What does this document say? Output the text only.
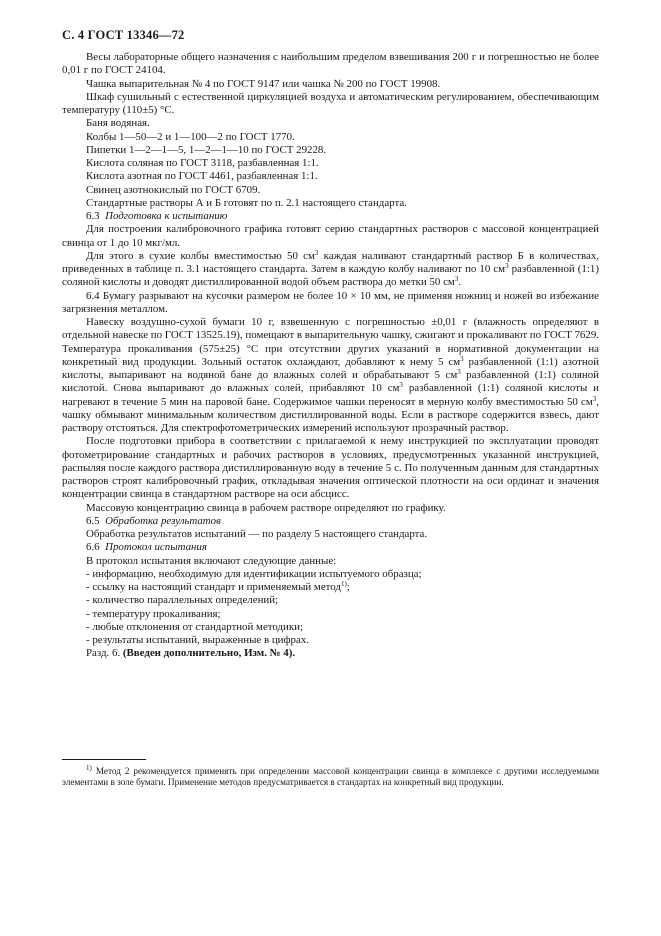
С. 4 ГОСТ 13346—72

Весы лабораторные общего назначения с наибольшим пределом взвешивания 200 г и погрешностью не более 0,01 г по ГОСТ 24104.

Чашка выпарительная № 4 по ГОСТ 9147 или чашка № 200 по ГОСТ 19908.

Шкаф сушильный с естественной циркуляцией воздуха и автоматическим регулированием, обеспечивающим температуру (110±5) °С.

Баня водяная.

Колбы 1—50—2 и 1—100—2 по ГОСТ 1770.

Пипетки 1—2—1—5, 1—2—1—10 по ГОСТ 29228.

Кислота соляная по ГОСТ 3118, разбавленная 1:1.

Кислота азотная по ГОСТ 4461, разбавленная 1:1.

Свинец азотнокислый по ГОСТ 6709.

Стандартные растворы А и Б готовят по п. 2.1 настоящего стандарта.

6.3 Подготовка к испытанию

Для построения калибровочного графика готовят серию стандартных растворов с массовой концентрацией свинца от 1 до 10 мкг/мл.

Для этого в сухие колбы вместимостью 50 $см^3$ каждая наливают стандартный раствор Б в количествах, приведенных в таблице п. 3.1 настоящего стандарта. Затем в каждую колбу наливают по 10 $см^3$ разбавленной (1:1) соляной кислоты и доводят дистиллированной водой объем раствора до метки 50 $см^3$.

6.4 Бумагу разрывают на кусочки размером не более 10 × 10 мм, не применяя ножниц и ножей во избежание загрязнения металлом.

Навеску воздушно-сухой бумаги 10 г, взвешенную с погрешностью ±0,01 г (влажность определяют в отдельной навеске по ГОСТ 13525.19), помещают в выпарительную чашку, сжигают и прокаливают по ГОСТ 7629. Температура прокаливания (575±25) °С при отсутствии других указаний в нормативной документации на конкретный вид продукции. Зольный остаток охлаждают, добавляют к нему 5 $см^3$ разбавленной (1:1) азотной кислоты, выпаривают на водяной бане до влажных солей и обрабатывают 5 $см^3$ разбавленной (1:1) соляной кислотой. Снова выпаривают до влажных солей, прибавляют 10 $см^3$ разбавленной (1:1) соляной кислоты и нагревают в течение 5 мин на паровой бане. Содержимое чашки переносят в мерную колбу вместимостью 50 $см^3$, чашку обмывают минимальным количеством дистиллированной воды. Если в растворе содержится взвесь, дают раствору отстояться. Для спектрофотометрических измерений используют прозрачный раствор.

После подготовки прибора в соответствии с прилагаемой к нему инструкцией по эксплуатации проводят фотометрирование стандартных и рабочих растворов в условиях, предусмотренных указанной инструкцией, распыляя после каждого раствора дистиллированную воду в течение 5 с. По полученным данным для стандартных растворов строят калибровочный график, откладывая значения оптической плотности на оси ординат и значения концентрации свинца в стандартном растворе на оси абсцисс.

Массовую концентрацию свинца в рабочем растворе определяют по графику.

6.5 Обработка результатов

Обработка результатов испытаний — по разделу 5 настоящего стандарта.

6.6 Протокол испытания

В протокол испытания включают следующие данные:

- информацию, необходимую для идентификации испытуемого образца;

- ссылку на настоящий стандарт и применяемый метод$^{1)}$;

- количество параллельных определений;

- температуру прокаливания;

- любые отклонения от стандартной методики;

- результаты испытаний, выраженные в цифрах.

Разд. 6. (Введен дополнительно, Изм. № 4).

$^{1)}$ Метод 2 рекомендуется применять при определении массовой концентрации свинца в комплексе с другими исследуемыми элементами в золе бумаги. Применение методов предусматривается в стандартах на конкретный вид продукции.
